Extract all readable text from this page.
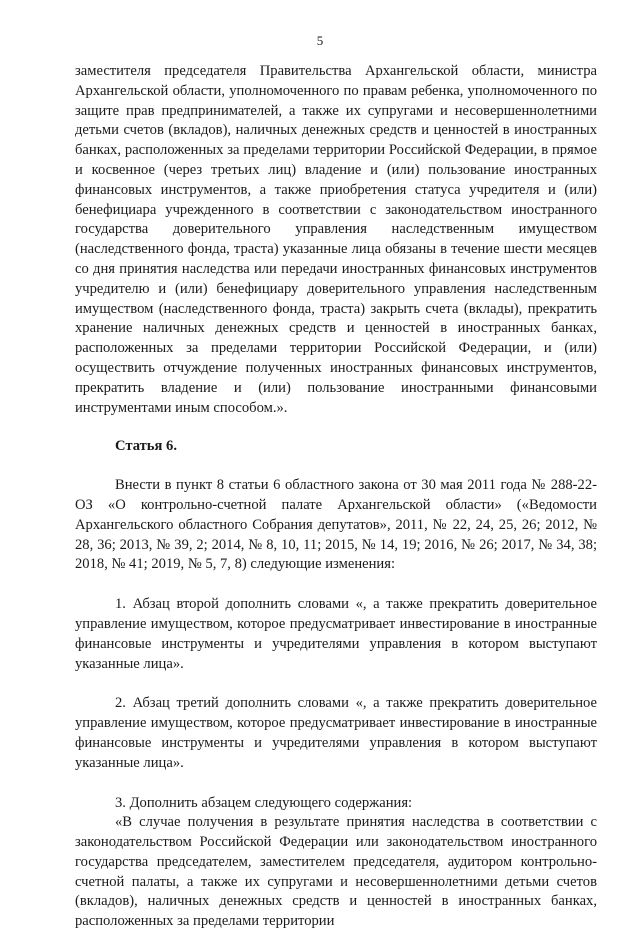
5

заместителя председателя Правительства Архангельской области, министра Архангельской области, уполномоченного по правам ребенка, уполномоченного по защите прав предпринимателей, а также их супругами и несовершеннолетними детьми счетов (вкладов), наличных денежных средств и ценностей в иностранных банках, расположенных за пределами территории Российской Федерации, в прямое и косвенное (через третьих лиц) владение и (или) пользование иностранных финансовых инструментов, а также приобретения статуса учредителя и (или) бенефициара учрежденного в соответствии с законодательством иностранного государства доверительного управления наследственным имуществом (наследственного фонда, траста) указанные лица обязаны в течение шести месяцев со дня принятия наследства или передачи иностранных финансовых инструментов учредителю и (или) бенефициару доверительного управления наследственным имуществом (наследственного фонда, траста) закрыть счета (вклады), прекратить хранение наличных денежных средств и ценностей в иностранных банках, расположенных за пределами территории Российской Федерации, и (или) осуществить отчуждение полученных иностранных финансовых инструментов, прекратить владение и (или) пользование иностранными финансовыми инструментами иным способом.».

Статья 6.

Внести в пункт 8 статьи 6 областного закона от 30 мая 2011 года № 288-22-ОЗ «О контрольно-счетной палате Архангельской области» («Ведомости Архангельского областного Собрания депутатов», 2011, № 22, 24, 25, 26; 2012, № 28, 36; 2013, № 39, 2; 2014, № 8, 10, 11; 2015, № 14, 19; 2016, № 26; 2017, № 34, 38; 2018, № 41; 2019, № 5, 7, 8) следующие изменения:

1. Абзац второй дополнить словами «, а также прекратить доверительное управление имуществом, которое предусматривает инвестирование в иностранные финансовые инструменты и учредителями управления в котором выступают указанные лица».

2. Абзац третий дополнить словами «, а также прекратить доверительное управление имуществом, которое предусматривает инвестирование в иностранные финансовые инструменты и учредителями управления в котором выступают указанные лица».

3. Дополнить абзацем следующего содержания:

«В случае получения в результате принятия наследства в соответствии с законодательством Российской Федерации или законодательством иностранного государства председателем, заместителем председателя, аудитором контрольно-счетной палаты, а также их супругами и несовершеннолетними детьми счетов (вкладов), наличных денежных средств и ценностей в иностранных банках, расположенных за пределами территории
